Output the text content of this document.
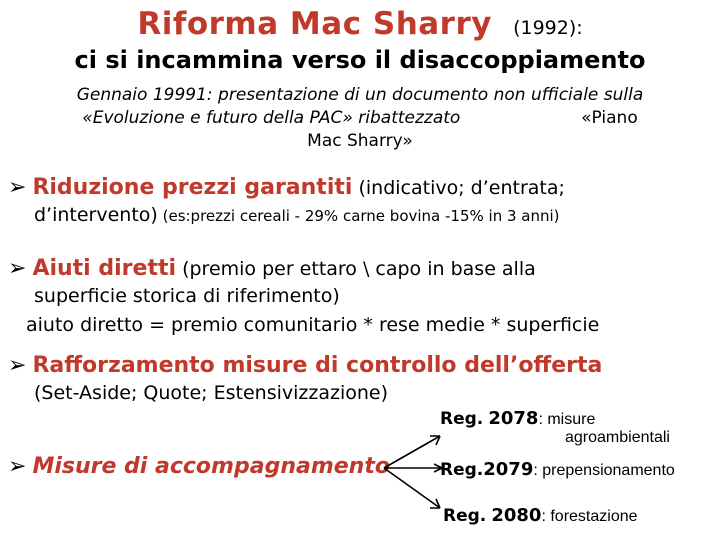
Riforma Mac Sharry (1992):
ci si incammina verso il disaccoppiamento
Gennaio 19991: presentazione di un documento non ufficiale sulla
«Evoluzione e futuro della PAC» ribattezzato	«Piano
Mac Sharry»
➢ Riduzione prezzi garantiti (indicativo; d’entrata;
d’intervento) (es:prezzi cereali - 29% carne bovina -15% in 3 anni)
➢ Aiuti diretti (premio per ettaro \ capo in base alla
superficie storica di riferimento)
aiuto diretto = premio comunitario * rese medie * superficie
➢ Rafforzamento misure di controllo dell’offerta
(Set-Aside; Quote; Estensivizzazione)
➢ Misure di accompagnamento
Reg. 2078: misure
agroambientali
Reg.2079: prepensionamento
Reg. 2080: forestazione
